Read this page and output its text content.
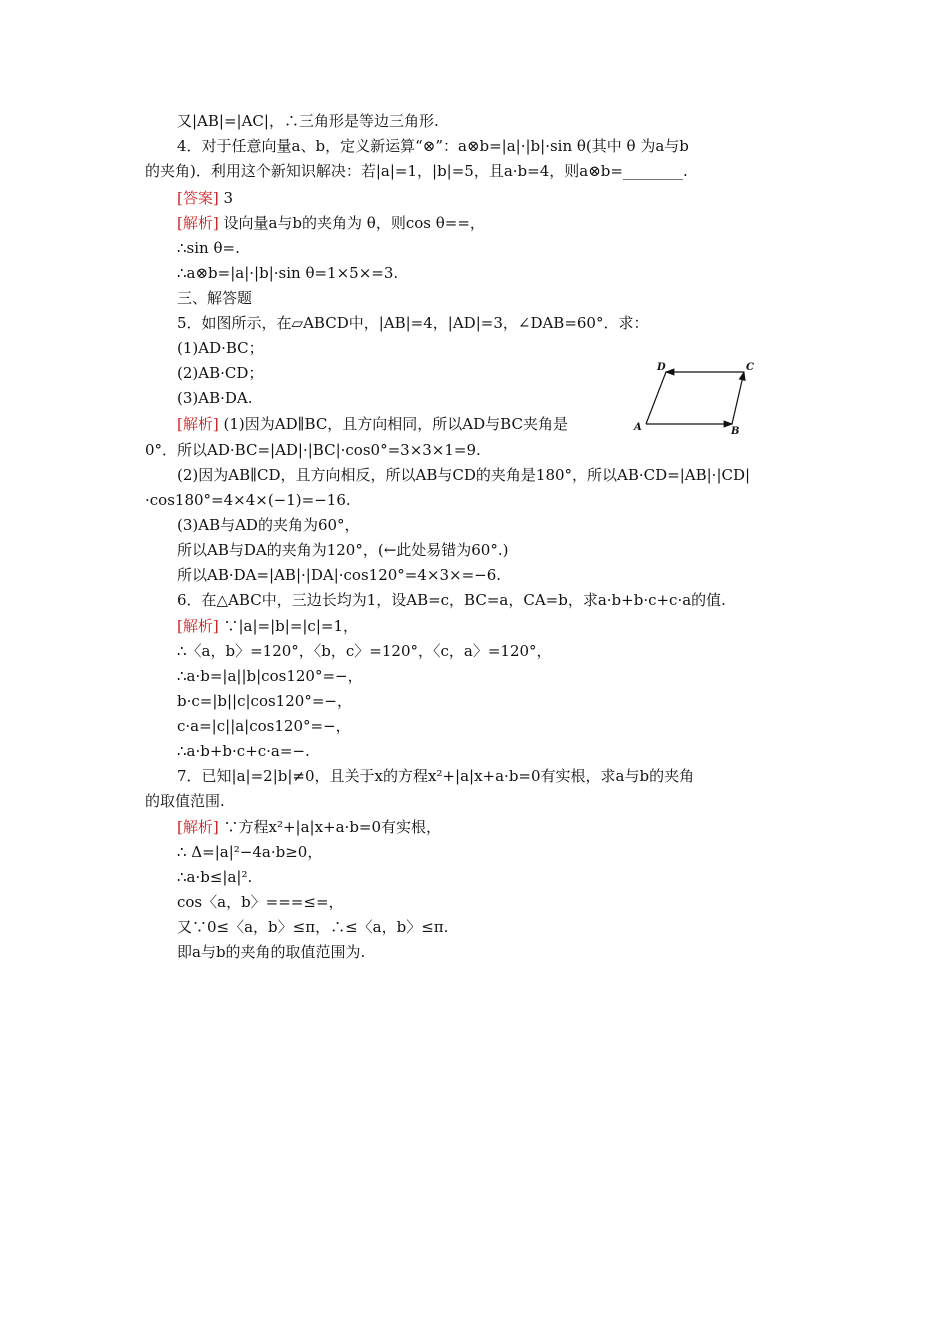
又|AB|=|AC|，∴三角形是等边三角形.
4．对于任意向量a、b，定义新运算“⊗”：a⊗b=|a|·|b|·sin θ(其中 θ 为a与b
的夹角)．利用这个新知识解决：若|a|=1，|b|=5，且a·b=4，则a⊗b=________.
[答案] 3
[解析] 设向量a与b的夹角为 θ，则cos θ==，
∴sin θ=.
∴a⊗b=|a|·|b|·sin θ=1×5×=3.
三、解答题
5．如图所示，在▱ABCD中，|AB|=4，|AD|=3，∠DAB=60°．求：
(1)AD·BC；
(2)AB·CD；
(3)AB·DA.
[解析] (1)因为AD∥BC，且方向相同，所以AD与BC夹角是
0°．所以AD·BC=|AD|·|BC|·cos0°=3×3×1=9.
(2)因为AB∥CD，且方向相反，所以AB与CD的夹角是180°，所以AB·CD=|AB|·|CD|
·cos180°=4×4×(−1)=−16.
(3)AB与AD的夹角为60°，
所以AB与DA的夹角为120°，(←此处易错为60°.)
所以AB·DA=|AB|·|DA|·cos120°=4×3×=−6.
6．在△ABC中，三边长均为1，设AB=c，BC=a，CA=b，求a·b+b·c+c·a的值.
[解析] ∵|a|=|b|=|c|=1，
∴〈a，b〉=120°，〈b，c〉=120°，〈c，a〉=120°，
∴a·b=|a||b|cos120°=−，
b·c=|b||c|cos120°=−，
c·a=|c||a|cos120°=−，
∴a·b+b·c+c·a=−.
7．已知|a|=2|b|≠0，且关于x的方程x²+|a|x+a·b=0有实根，求a与b的夹角
的取值范围.
[解析] ∵方程x²+|a|x+a·b=0有实根，
∴ Δ=|a|²−4a·b≥0，
∴a·b≤|a|².
cos〈a，b〉===≤=，
又∵0≤〈a，b〉≤π，∴≤〈a，b〉≤π.
即a与b的夹角的取值范围为.
A	B
C
D
